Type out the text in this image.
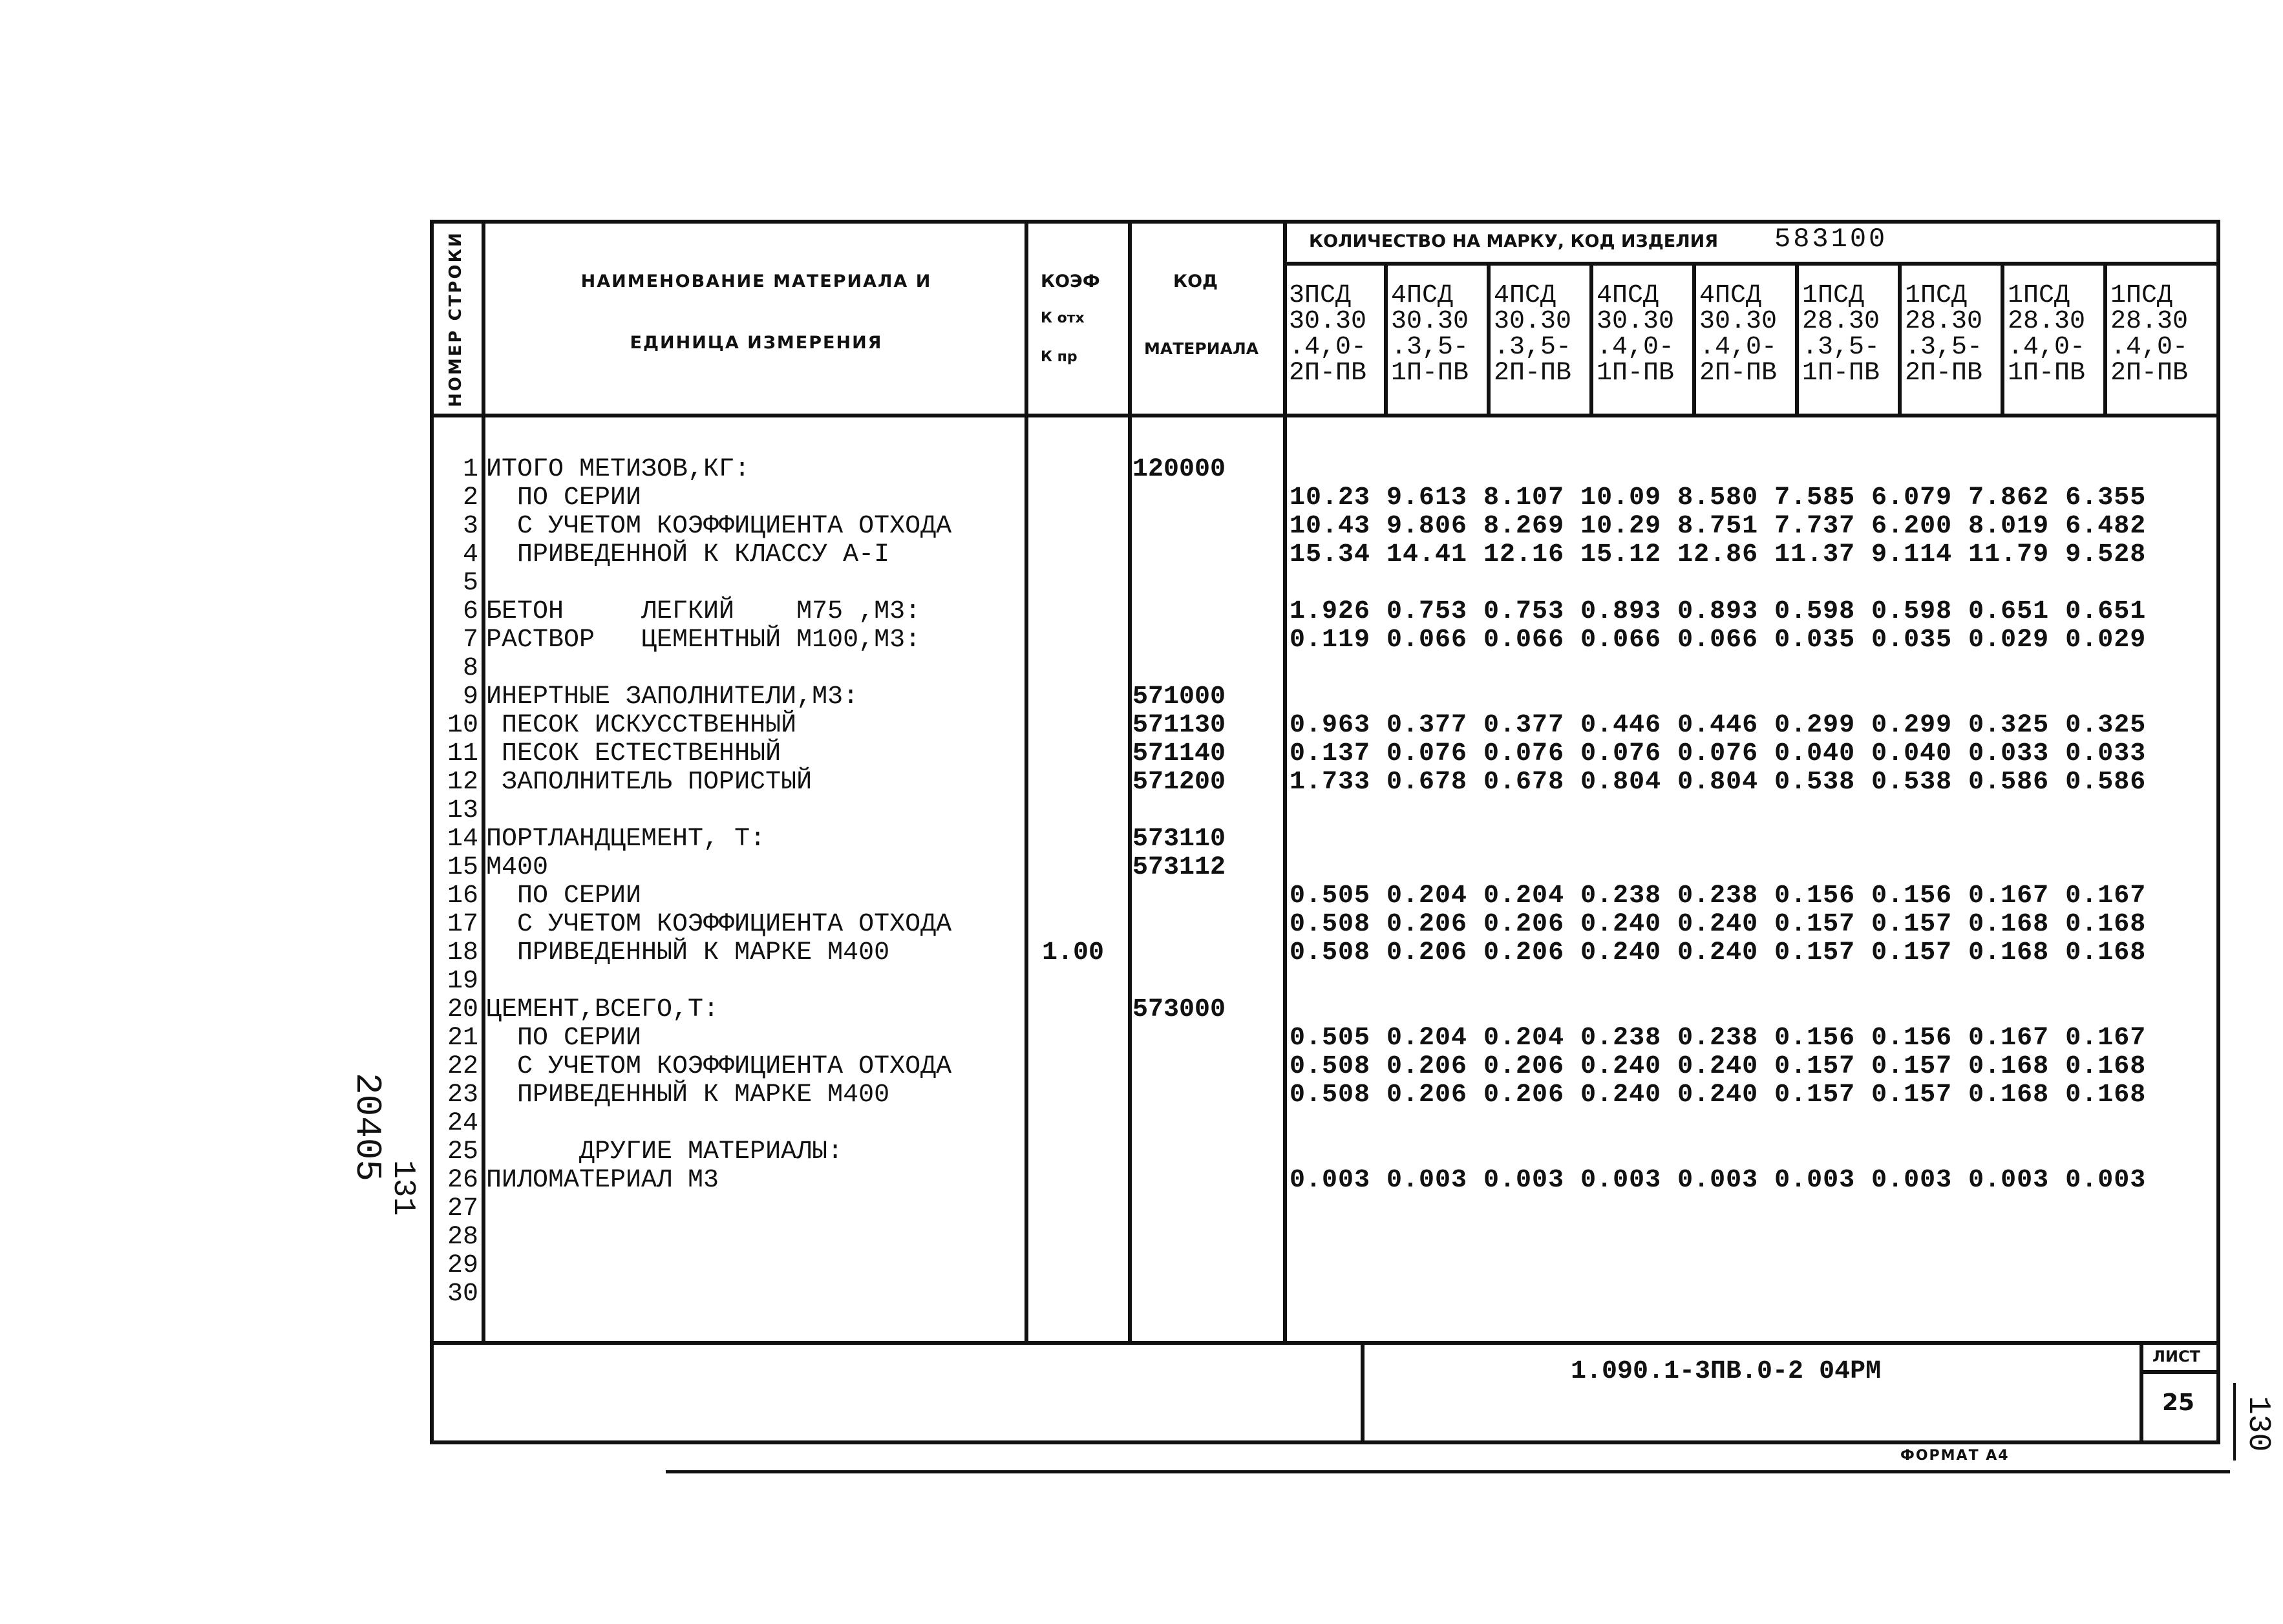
НОМЕР СТРОКИ	НАИМЕНОВАНИЕ МАТЕРИАЛА И
ЕДИНИЦА ИЗМЕРЕНИЯ
КОЭФ
К отх
К пр
КОД
МАТЕРИАЛА
КОЛИЧЕСТВО НА МАРКУ, КОД ИЗДЕЛИЯ 583100
3ПСД
30.30
.4,0-
2П-ПВ
4ПСД
30.30
.3,5-
1П-ПВ
4ПСД
30.30
.3,5-
2П-ПВ
4ПСД
30.30
.4,0-
1П-ПВ
4ПСД
30.30
.4,0-
2П-ПВ
1ПСД
28.30
.3,5-
1П-ПВ
1ПСД
28.30
.3,5-
2П-ПВ
1ПСД
28.30
.4,0-
1П-ПВ
1ПСД
28.30
.4,0-
2П-ПВ
1
2
3
4
5
6
7
8
9
10
11
12
13
14
15
16
17
18
19
20
21
22
23
24
25
26
27
28
29
30
ИТОГО МЕТИЗОВ,КГ:
ПО СЕРИИ
С УЧЕТОМ КОЭФФИЦИЕНТА ОТХОДА
ПРИВЕДЕННОЙ К КЛАССУ А-I

БЕТОН     ЛЕГКИЙ    М75 ,М3:
РАСТВОР   ЦЕМЕНТНЫЙ М100,М3:

ИНЕРТНЫЕ ЗАПОЛНИТЕЛИ,М3:
ПЕСОК ИСКУССТВЕННЫЙ
ПЕСОК ЕСТЕСТВЕННЫЙ
ЗАПОЛНИТЕЛЬ ПОРИСТЫЙ

ПОРТЛАНДЦЕМЕНТ, Т:
М400
ПО СЕРИИ
С УЧЕТОМ КОЭФФИЦИЕНТА ОТХОДА
ПРИВЕДЕННЫЙ К МАРКЕ М400

ЦЕМЕНТ,ВСЕГО,Т:
ПО СЕРИИ
С УЧЕТОМ КОЭФФИЦИЕНТА ОТХОДА
ПРИВЕДЕННЫЙ К МАРКЕ М400

ДРУГИЕ МАТЕРИАЛЫ:
ПИЛОМАТЕРИАЛ М3

1.00
120000

571000
571130
571140
571200

573110
573112

573000

10.23 9.613 8.107 10.09 8.580 7.585 6.079 7.862 6.355
10.43 9.806 8.269 10.29 8.751 7.737 6.200 8.019 6.482
15.34 14.41 12.16 15.12 12.86 11.37 9.114 11.79 9.528

1.926 0.753 0.753 0.893 0.893 0.598 0.598 0.651 0.651
0.119 0.066 0.066 0.066 0.066 0.035 0.035 0.029 0.029

0.963 0.377 0.377 0.446 0.446 0.299 0.299 0.325 0.325
0.137 0.076 0.076 0.076 0.076 0.040 0.040 0.033 0.033
1.733 0.678 0.678 0.804 0.804 0.538 0.538 0.586 0.586

0.505 0.204 0.204 0.238 0.238 0.156 0.156 0.167 0.167
0.508 0.206 0.206 0.240 0.240 0.157 0.157 0.168 0.168
0.508 0.206 0.206 0.240 0.240 0.157 0.157 0.168 0.168

0.505 0.204 0.204 0.238 0.238 0.156 0.156 0.167 0.167
0.508 0.206 0.206 0.240 0.240 0.157 0.157 0.168 0.168
0.508 0.206 0.206 0.240 0.240 0.157 0.157 0.168 0.168

0.003 0.003 0.003 0.003 0.003 0.003 0.003 0.003 0.003
1.090.1-3ПВ.0-2 04РМ
ЛИСТ
25
ФОРМАТ А4
20405
131
130
